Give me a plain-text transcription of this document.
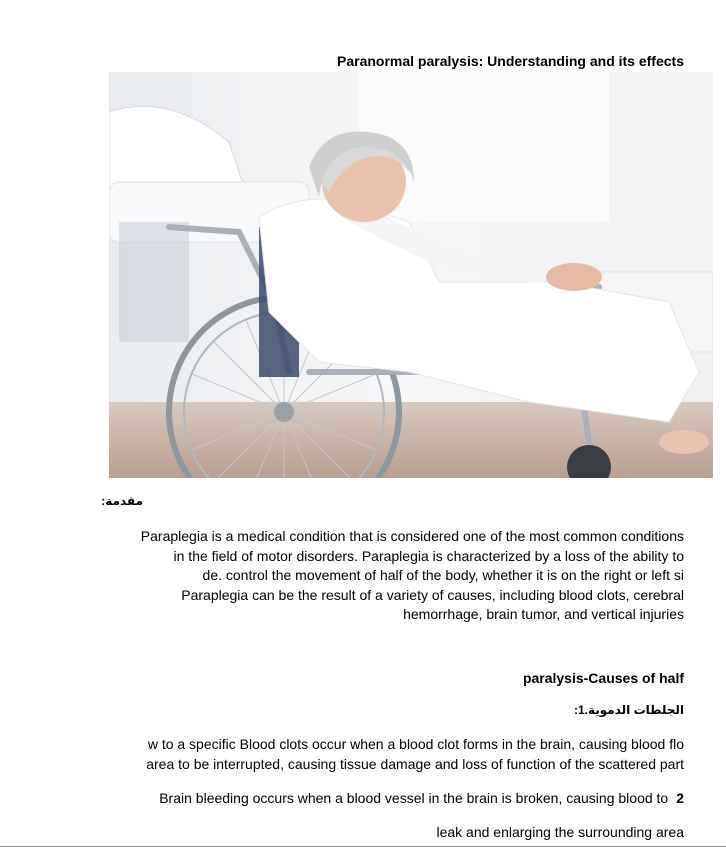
Paranormal paralysis: Understanding and its effects
مقدمة:
Paraplegia is a medical condition that is considered one of the most common conditions
in the field of motor disorders. Paraplegia is characterized by a loss of the ability to
de. control the movement of half of the body, whether it is on the right or left si
Paraplegia can be the result of a variety of causes, including blood clots, cerebral
hemorrhage, brain tumor, and vertical injuries
paralysis-Causes of half
الجلطات الدموية.1:
w to a specific Blood clots occur when a blood clot forms in the brain, causing blood flo
area to be interrupted, causing tissue damage and loss of function of the scattered part
Brain bleeding occurs when a blood vessel in the brain is broken, causing blood to 2
leak and enlarging the surrounding area
